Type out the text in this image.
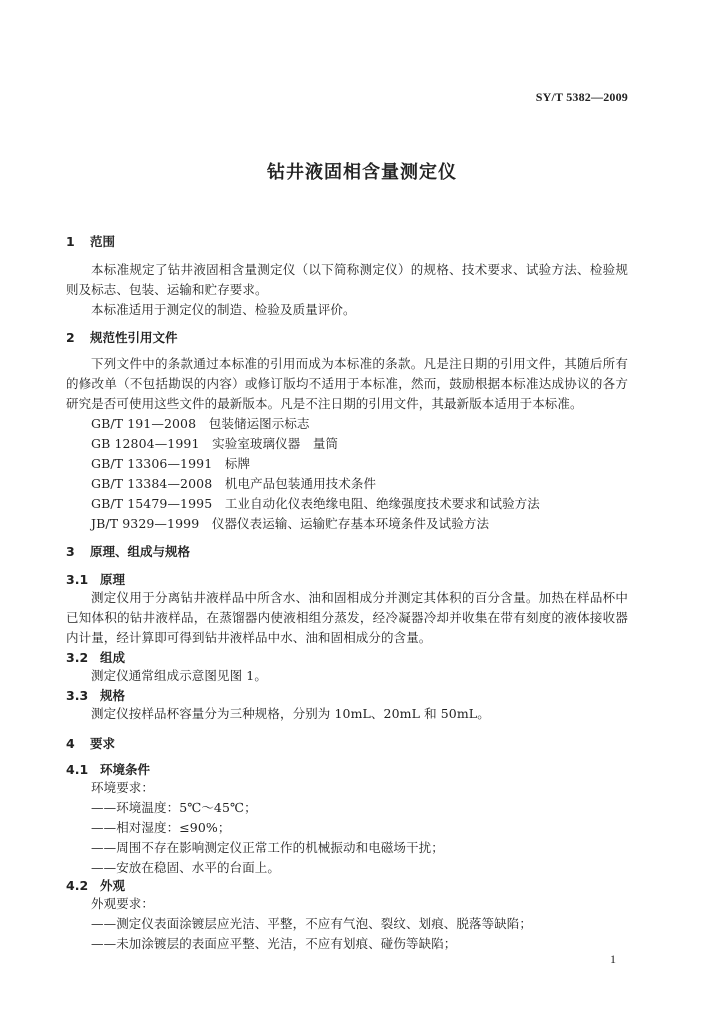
SY/T 5382—2009
钻井液固相含量测定仪
1 范围
本标准规定了钻井液固相含量测定仪（以下简称测定仪）的规格、技术要求、试验方法、检验规
则及标志、包装、运输和贮存要求。
本标准适用于测定仪的制造、检验及质量评价。
2 规范性引用文件
下列文件中的条款通过本标准的引用而成为本标准的条款。凡是注日期的引用文件，其随后所有
的修改单（不包括勘误的内容）或修订版均不适用于本标准，然而，鼓励根据本标准达成协议的各方
研究是否可使用这些文件的最新版本。凡是不注日期的引用文件，其最新版本适用于本标准。
GB/T 191—2008　包装储运图示标志
GB 12804—1991　实验室玻璃仪器　量筒
GB/T 13306—1991　标牌
GB/T 13384—2008　机电产品包装通用技术条件
GB/T 15479—1995　工业自动化仪表绝缘电阻、绝缘强度技术要求和试验方法
JB/T 9329—1999　仪器仪表运输、运输贮存基本环境条件及试验方法
3 原理、组成与规格
3.1 原理
测定仪用于分离钻井液样品中所含水、油和固相成分并测定其体积的百分含量。加热在样品杯中
已知体积的钻井液样品，在蒸馏器内使液相组分蒸发，经冷凝器冷却并收集在带有刻度的液体接收器
内计量，经计算即可得到钻井液样品中水、油和固相成分的含量。
3.2 组成
测定仪通常组成示意图见图 1。
3.3 规格
测定仪按样品杯容量分为三种规格，分别为 10mL、20mL 和 50mL。
4 要求
4.1 环境条件
环境要求：
——环境温度：5℃～45℃；
——相对湿度：≤90%；
——周围不存在影响测定仪正常工作的机械振动和电磁场干扰；
——安放在稳固、水平的台面上。
4.2 外观
外观要求：
——测定仪表面涂镀层应光洁、平整，不应有气泡、裂纹、划痕、脱落等缺陷；
——未加涂镀层的表面应平整、光洁，不应有划痕、碰伤等缺陷；
1
